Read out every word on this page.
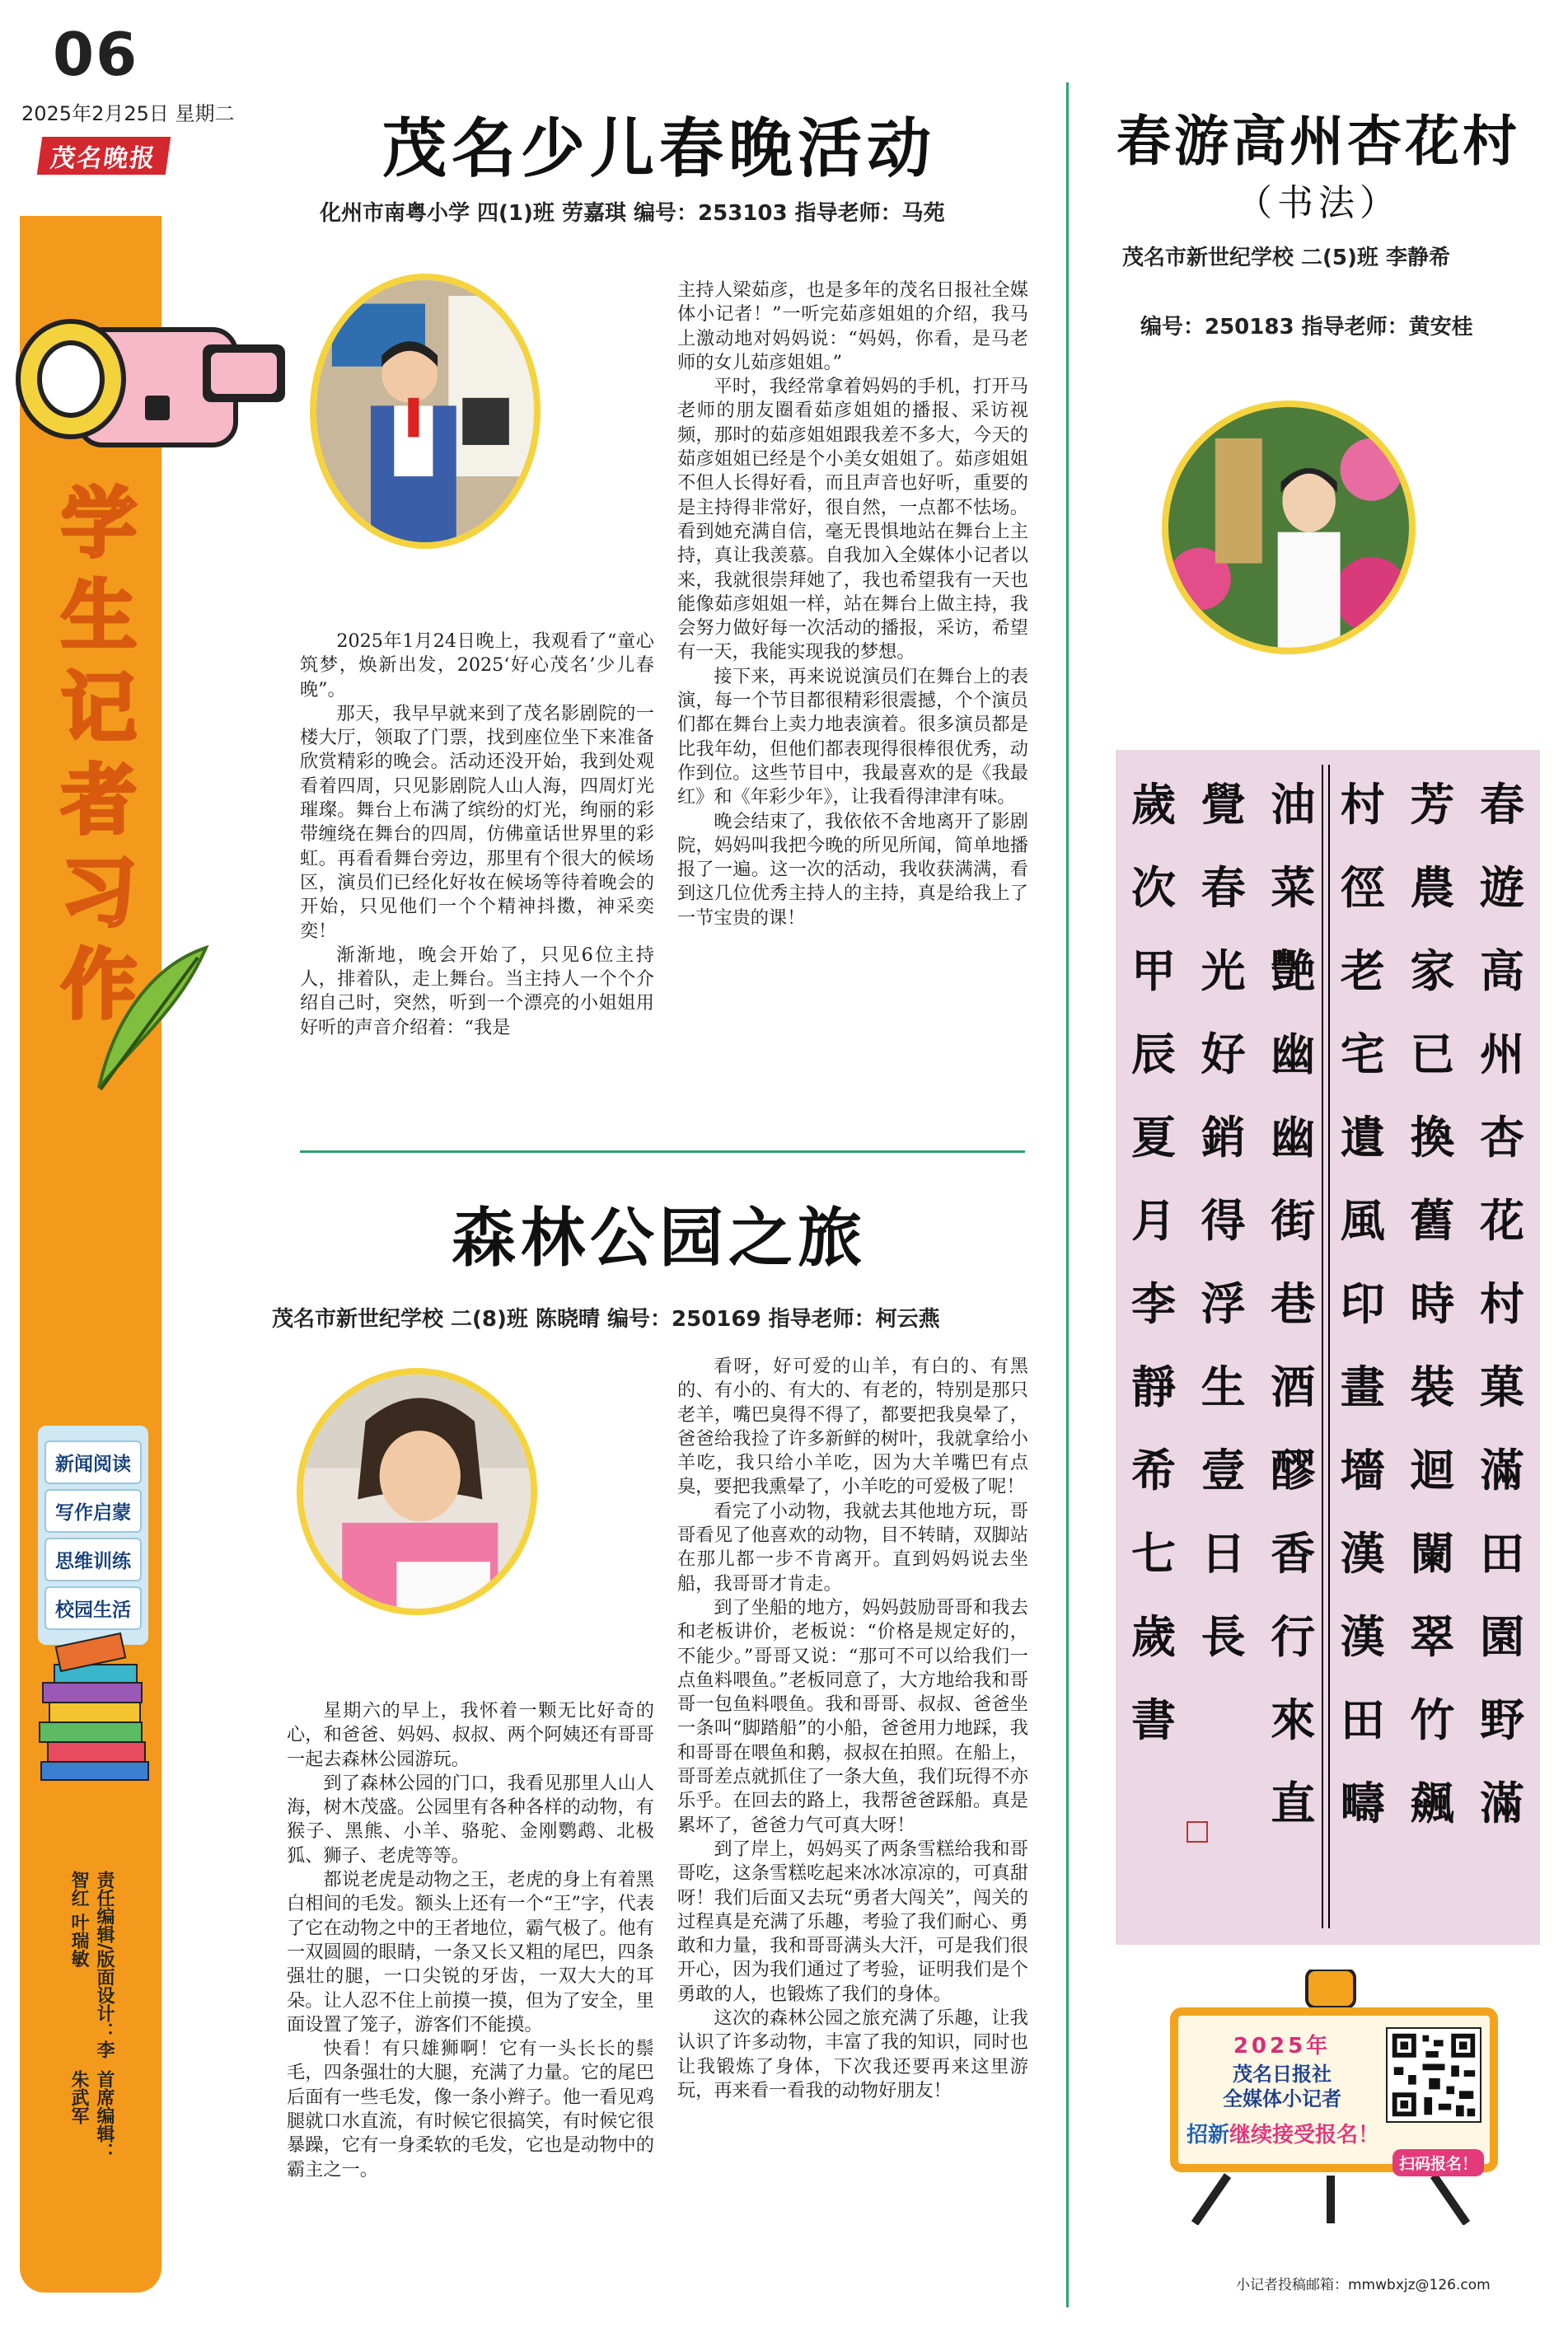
06
2025年2月25日 星期二
茂名晚报
学
生
记
者
习
作
新闻阅读
写作启蒙
思维训练
校园生活
首席编辑：朱武军
责任编辑/版面设计：李智红 叶瑞敏
茂名少儿春晚活动
化州市南粤小学 四(1)班 劳嘉琪 编号：253103 指导老师：马苑

2025年1月24日晚上，我观看了“童心筑梦，焕新出发，2025‘好心茂名’少儿春晚”。

那天，我早早就来到了茂名影剧院的一楼大厅，领取了门票，找到座位坐下来准备欣赏精彩的晚会。活动还没开始，我到处观看着四周，只见影剧院人山人海，四周灯光璀璨。舞台上布满了缤纷的灯光，绚丽的彩带缠绕在舞台的四周，仿佛童话世界里的彩虹。再看看舞台旁边，那里有个很大的候场区，演员们已经化好妆在候场等待着晚会的开始，只见他们一个个精神抖擞，神采奕奕！

渐渐地，晚会开始了，只见6位主持人，排着队，走上舞台。当主持人一个个介绍自己时，突然，听到一个漂亮的小姐姐用好听的声音介绍着：“我是

主持人梁茹彦，也是多年的茂名日报社全媒体小记者！”一听完茹彦姐姐的介绍，我马上激动地对妈妈说：“妈妈，你看，是马老师的女儿茹彦姐姐。”

平时，我经常拿着妈妈的手机，打开马老师的朋友圈看茹彦姐姐的播报、采访视频，那时的茹彦姐姐跟我差不多大，今天的茹彦姐姐已经是个小美女姐姐了。茹彦姐姐不但人长得好看，而且声音也好听，重要的是主持得非常好，很自然，一点都不怯场。看到她充满自信，毫无畏惧地站在舞台上主持，真让我羡慕。自我加入全媒体小记者以来，我就很崇拜她了，我也希望我有一天也能像茹彦姐姐一样，站在舞台上做主持，我会努力做好每一次活动的播报，采访，希望有一天，我能实现我的梦想。

接下来，再来说说演员们在舞台上的表演，每一个节目都很精彩很震撼，个个演员们都在舞台上卖力地表演着。很多演员都是比我年幼，但他们都表现得很棒很优秀，动作到位。这些节目中，我最喜欢的是《我最红》和《年彩少年》，让我看得津津有味。

晚会结束了，我依依不舍地离开了影剧院，妈妈叫我把今晚的所见所闻，简单地播报了一遍。这一次的活动，我收获满满，看到这几位优秀主持人的主持，真是给我上了一节宝贵的课！

森林公园之旅
茂名市新世纪学校 二(8)班 陈晓晴 编号：250169 指导老师：柯云燕

星期六的早上，我怀着一颗无比好奇的心，和爸爸、妈妈、叔叔、两个阿姨还有哥哥一起去森林公园游玩。

到了森林公园的门口，我看见那里人山人海，树木茂盛。公园里有各种各样的动物，有猴子、黑熊、小羊、骆驼、金刚鹦鹉、北极狐、狮子、老虎等等。

都说老虎是动物之王，老虎的身上有着黑白相间的毛发。额头上还有一个“王”字，代表了它在动物之中的王者地位，霸气极了。他有一双圆圆的眼睛，一条又长又粗的尾巴，四条强壮的腿，一口尖锐的牙齿，一双大大的耳朵。让人忍不住上前摸一摸，但为了安全，里面设置了笼子，游客们不能摸。

快看！有只雄狮啊！它有一头长长的鬃毛，四条强壮的大腿，充满了力量。它的尾巴后面有一些毛发，像一条小辫子。他一看见鸡腿就口水直流，有时候它很搞笑，有时候它很暴躁，它有一身柔软的毛发，它也是动物中的霸主之一。

看呀，好可爱的山羊，有白的、有黑的、有小的、有大的、有老的，特别是那只老羊，嘴巴臭得不得了，都要把我臭晕了，爸爸给我捡了许多新鲜的树叶，我就拿给小羊吃，我只给小羊吃，因为大羊嘴巴有点臭，要把我熏晕了，小羊吃的可爱极了呢！

看完了小动物，我就去其他地方玩，哥哥看见了他喜欢的动物，目不转睛，双脚站在那儿都一步不肯离开。直到妈妈说去坐船，我哥哥才肯走。

到了坐船的地方，妈妈鼓励哥哥和我去和老板讲价，老板说：“价格是规定好的，不能少。”哥哥又说：“那可不可以给我们一点鱼料喂鱼。”老板同意了，大方地给我和哥哥一包鱼料喂鱼。我和哥哥、叔叔、爸爸坐一条叫“脚踏船”的小船，爸爸用力地踩，我和哥哥在喂鱼和鹅，叔叔在拍照。在船上，哥哥差点就抓住了一条大鱼，我们玩得不亦乐乎。在回去的路上，我帮爸爸踩船。真是累坏了，爸爸力气可真大呀！

到了岸上，妈妈买了两条雪糕给我和哥哥吃，这条雪糕吃起来冰冰凉凉的，可真甜呀！我们后面又去玩“勇者大闯关”，闯关的过程真是充满了乐趣，考验了我们耐心、勇敢和力量，我和哥哥满头大汗，可是我们很开心，因为我们通过了考验，证明我们是个勇敢的人，也锻炼了我们的身体。

这次的森林公园之旅充满了乐趣，让我认识了许多动物，丰富了我的知识，同时也让我锻炼了身体，下次我还要再来这里游玩，再来看一看我的动物好朋友！

春游高州杏花村
（书法）
茂名市新世纪学校 二(5)班 李静希
编号：250183 指导老师：黄安桂
春
遊
高
州
杏
花
村
菓
滿
田
園
野
滿
芳
農
家
已
換
舊
時
裝
迴
闌
翠
竹
飆
村
徑
老
宅
遺
風
印
畫
墻
漢
漢
田
疇
油
菜
艷
幽
幽
街
巷
酒
醪
香
行
來
直
覺
春
光
好
銷
得
浮
生
壹
日
長
歲
次
甲
辰
夏
月
李
靜
希
七
歲
書
2025年
茂名日报社
全媒体小记者
招新继续接受报名！
扫码报名！
小记者投稿邮箱：mmwbxjz@126.com
